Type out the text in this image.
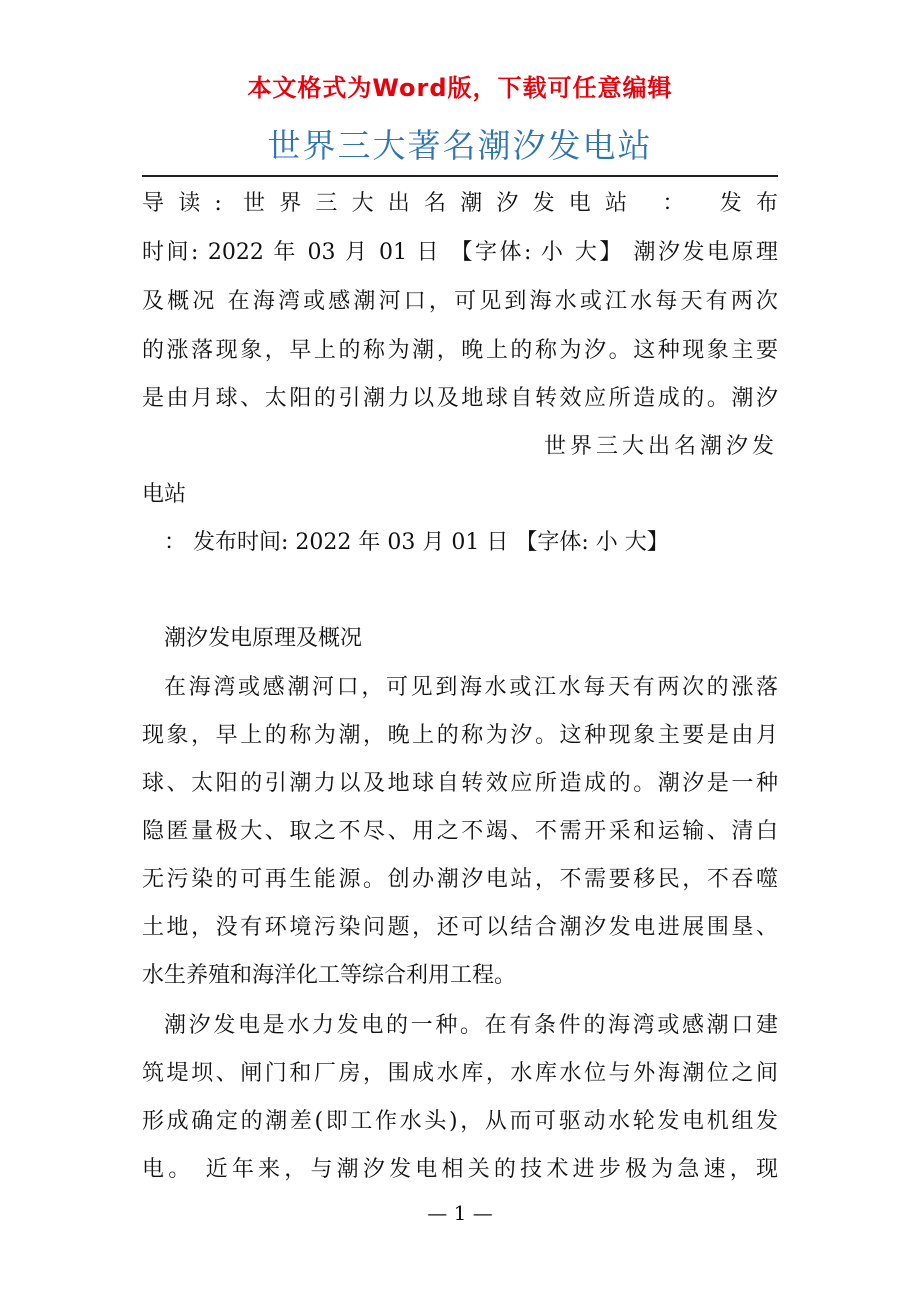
本文格式为Word版，下载可任意编辑
世界三大著名潮汐发电站
导读: 世界三大出名潮汐发电站 ： 发布
时间: 2022 年 03 月 01 日 【字体: 小 大】 潮汐发电原理
及概况 在海湾或感潮河口，可见到海水或江水每天有两次
的涨落现象，早上的称为潮，晚上的称为汐。这种现象主要
是由月球、太阳的引潮力以及地球自转效应所造成的。潮汐
世界三大出名潮汐发
电站
： 发布时间: 2022 年 03 月 01 日 【字体: 小 大】
潮汐发电原理及概况
在海湾或感潮河口，可见到海水或江水每天有两次的涨落
现象，早上的称为潮，晚上的称为汐。这种现象主要是由月
球、太阳的引潮力以及地球自转效应所造成的。潮汐是一种
隐匿量极大、取之不尽、用之不竭、不需开采和运输、清白
无污染的可再生能源。创办潮汐电站，不需要移民，不吞噬
土地，没有环境污染问题，还可以结合潮汐发电进展围垦、
水生养殖和海洋化工等综合利用工程。
潮汐发电是水力发电的一种。在有条件的海湾或感潮口建
筑堤坝、闸门和厂房，围成水库，水库水位与外海潮位之间
形成确定的潮差(即工作水头)，从而可驱动水轮发电机组发
电。 近年来，与潮汐发电相关的技术进步极为急速，现
— 1 —
